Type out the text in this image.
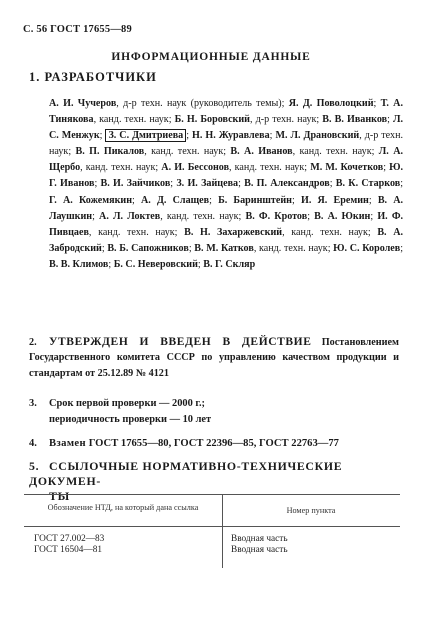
С. 56 ГОСТ 17655—89
ИНФОРМАЦИОННЫЕ ДАННЫЕ
1. РАЗРАБОТЧИКИ
А. И. Чучеров, д-р техн. наук (руководитель темы); Я. Д. Поволоцкий; Т. А. Тинякова, канд. техн. наук; Б. Н. Боровский, д-р техн. наук; В. В. Иванков; Л. С. Менжук; З. С. Дмитриева ; Н. Н. Журавлева; М. Л. Драновский, д-р техн. наук; В. П. Пикалов, канд. техн. наук; В. А. Иванов, канд. техн. наук; Л. А. Щербо, канд. техн. наук; А. И. Бессонов, канд. техн. наук; М. М. Кочетков; Ю. Г. Иванов; В. И. Зайчиков; З. И. Зайцева; В. П. Александров; В. К. Старков; Г. А. Кожемякин; А. Д. Слащев; Б. Баринштейн; И. Я. Еремин; В. А. Лаушкин; А. Л. Локтев, канд. техн. наук; В. Ф. Кротов; В. А. Юкин; И. Ф. Пивцаев, канд. техн. наук; В. Н. Захаржевский, канд. техн. наук; В. А. Забродский; В. Б. Сапожников; В. М. Катков, канд. техн. наук; Ю. С. Королев; В. В. Климов; Б. С. Неверовский; В. Г. Скляр
2. УТВЕРЖДЕН И ВВЕДЕН В ДЕЙСТВИЕ Постановлением Государственного комитета СССР по управлению качеством продукции и стандартам от 25.12.89 № 4121
3. Срок первой проверки — 2000 г.;
периодичность проверки — 10 лет
4. Взамен ГОСТ 17655—80, ГОСТ 22396—85, ГОСТ 22763—77
5. ССЫЛОЧНЫЕ НОРМАТИВНО-ТЕХНИЧЕСКИЕ ДОКУМЕН-
ТЫ
Обозначение НТД, на который дана ссылка	Номер пункта
ГОСТ 27.002—83	Вводная часть
ГОСТ 16504—81	Вводная часть
